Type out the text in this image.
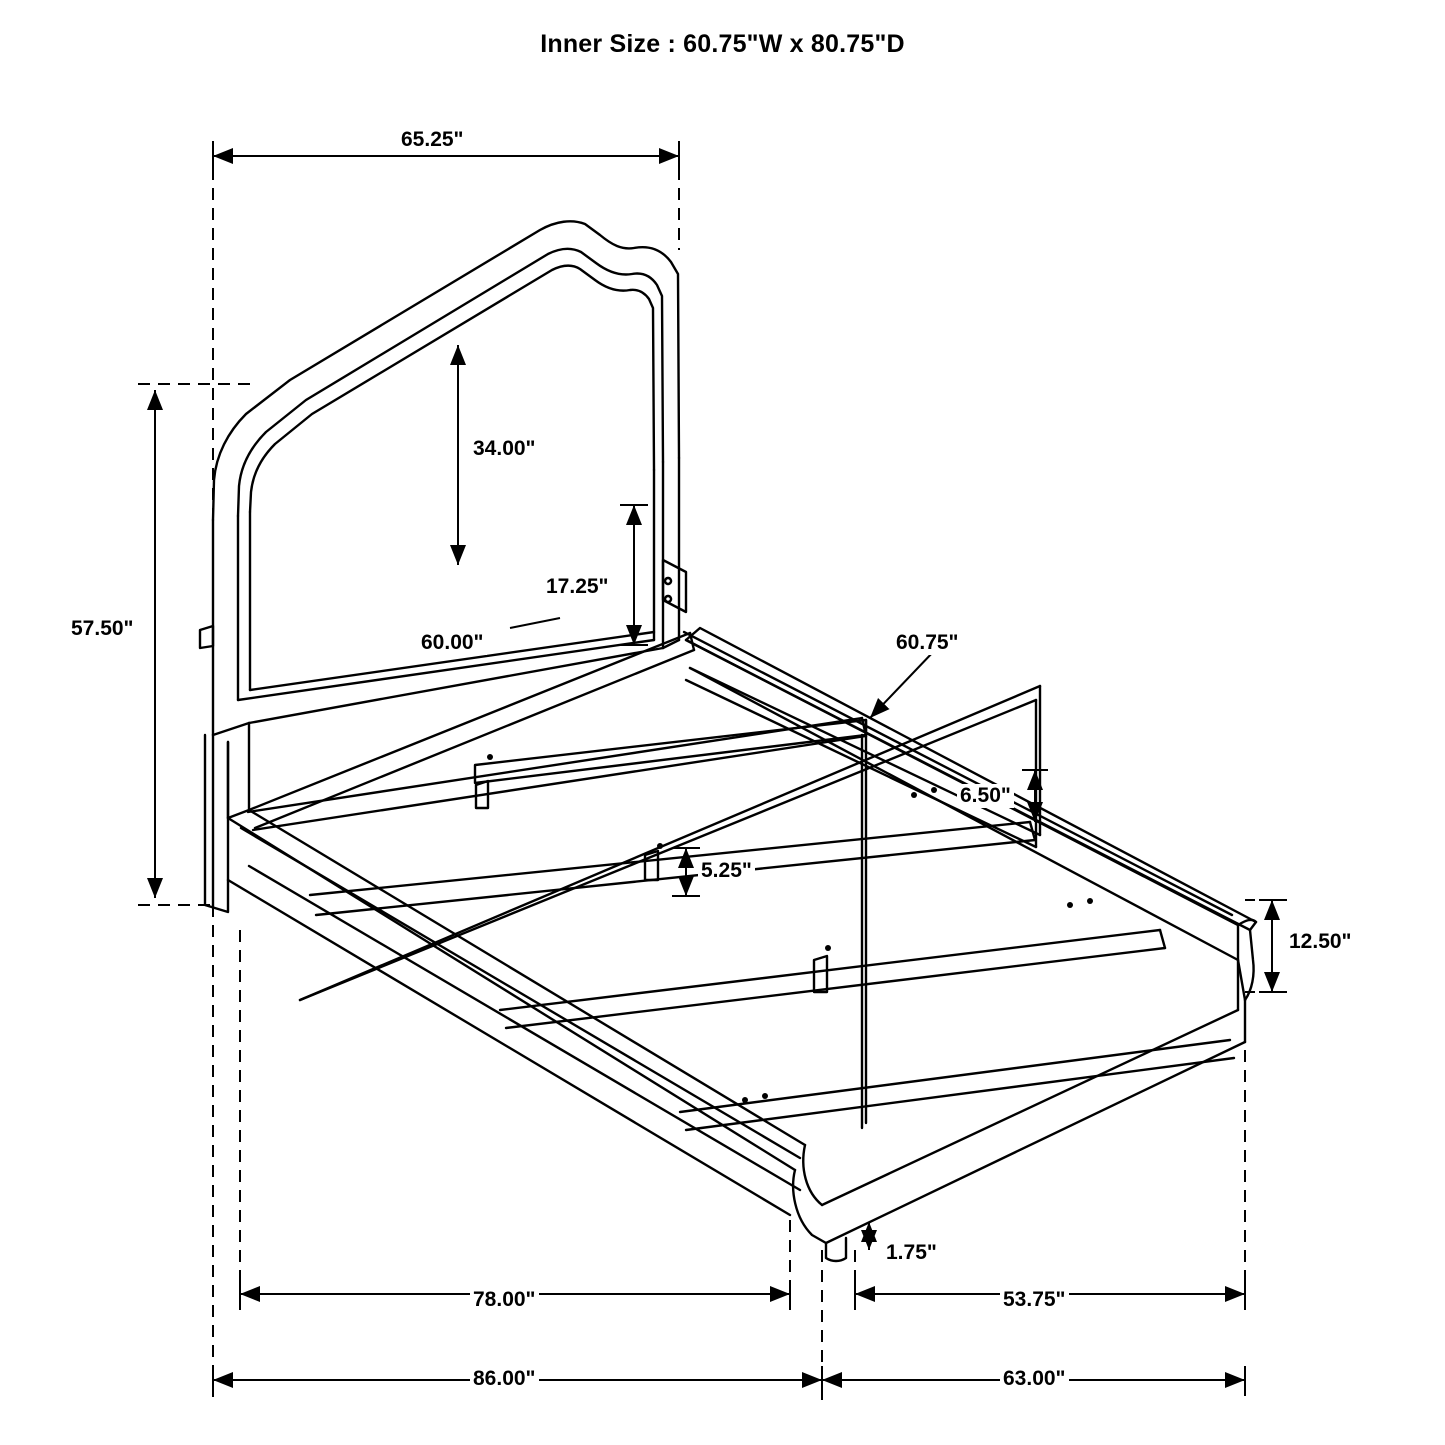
Inner Size : 60.75"W x 80.75"D
65.25"
34.00"
17.25"
60.00"
57.50"
60.75"
6.50"
5.25"
12.50"
1.75"
78.00"	53.75"
86.00"	63.00"
